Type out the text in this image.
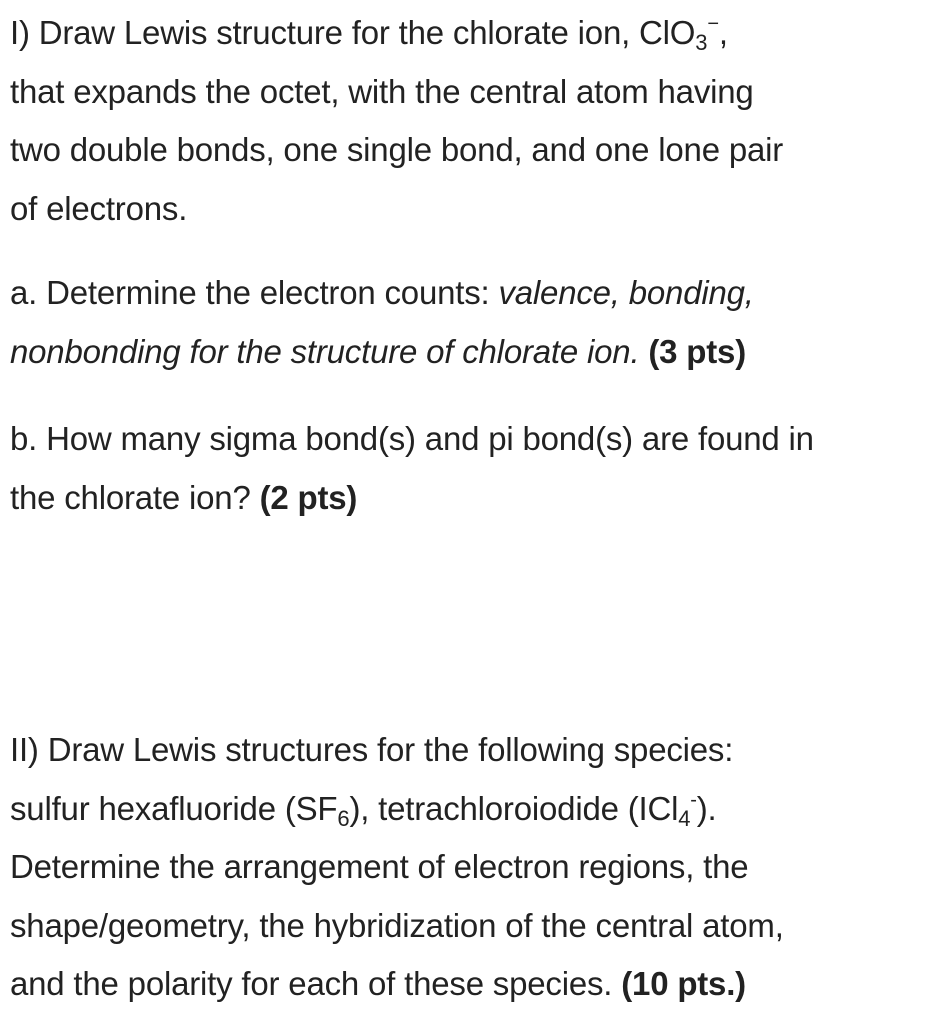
I) Draw Lewis structure for the chlorate ion, ClO$_3$−,

that expands the octet, with the central atom having

two double bonds, one single bond, and one lone pair

of electrons.

a. Determine the electron counts: valence, bonding,

nonbonding for the structure of chlorate ion. (3 pts)

b. How many sigma bond(s) and pi bond(s) are found in

the chlorate ion? (2 pts)

II) Draw Lewis structures for the following species:

sulfur hexafluoride $(SF_6)$, tetrachloroiodide (ICl$_4$-).

Determine the arrangement of electron regions, the

shape/geometry, the hybridization of the central atom,

and the polarity for each of these species. (10 pts.)
